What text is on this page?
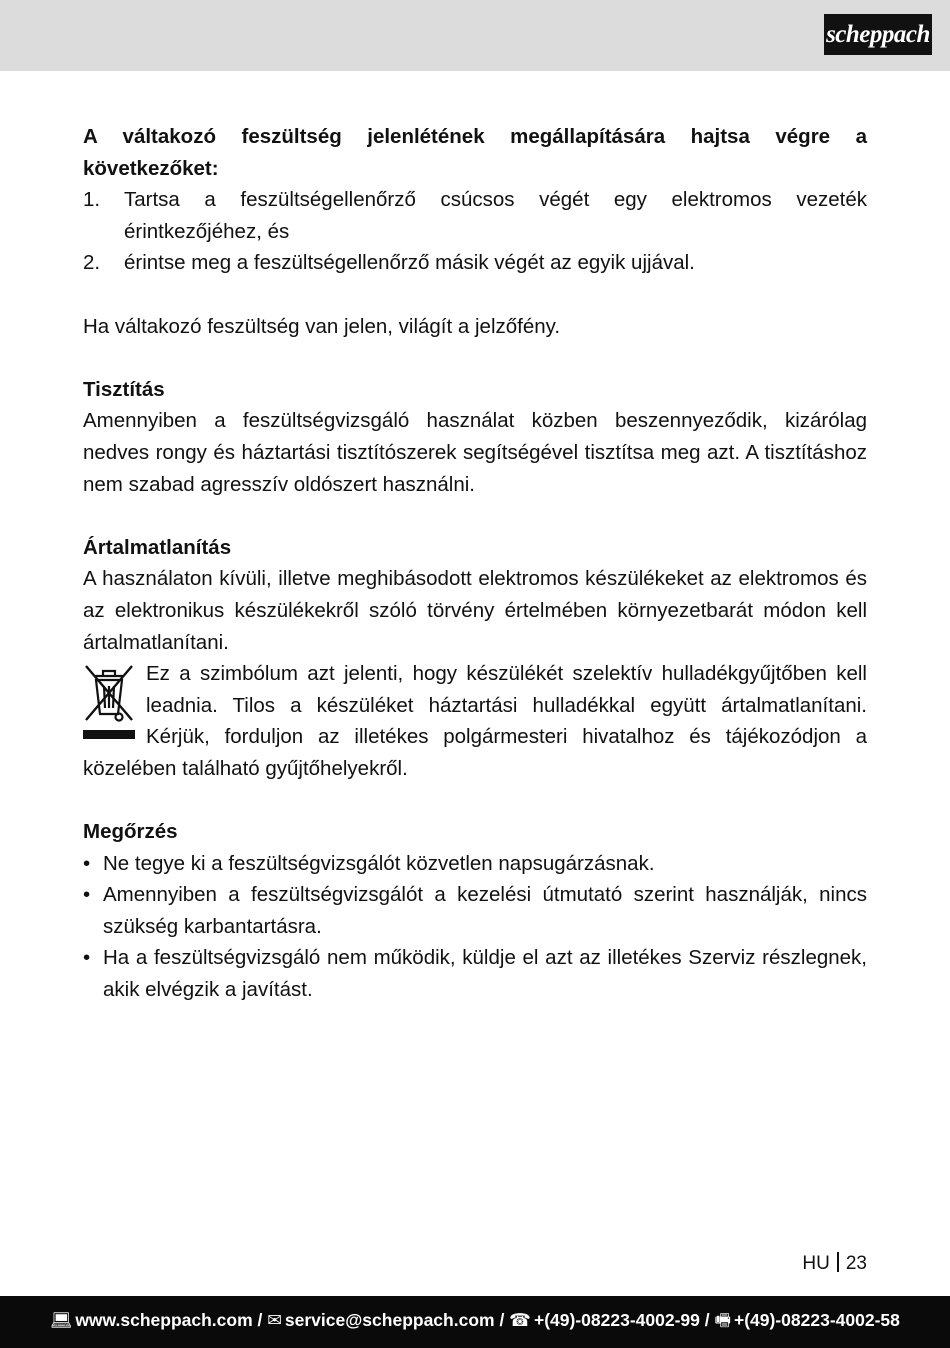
scheppach

A váltakozó feszültség jelenlétének megállapítására hajtsa végre a következőket:

1.	Tartsa a feszültségellenőrző csúcsos végét egy elektromos vezeték érintkezőjéhez, és
2.	érintse meg a feszültségellenőrző másik végét az egyik ujjával.

Ha váltakozó feszültség van jelen, világít a jelzőfény.

Tisztítás

Amennyiben a feszültségvizsgáló használat közben beszennyeződik, kizárólag nedves rongy és háztartási tisztítószerek segítségével tisztítsa meg azt. A tisztításhoz nem szabad agresszív oldószert használni.

Ártalmatlanítás

A használaton kívüli, illetve meghibásodott elektromos készülékeket az elektromos és az elektronikus készülékekről szóló törvény értelmében környezetbarát módon kell ártalmatlanítani.

Ez a szimbólum azt jelenti, hogy készülékét szelektív hulladékgyűjtőben kell leadnia. Tilos a készüléket háztartási hulladékkal együtt ártalmatlanítani. Kérjük, forduljon az illetékes polgármesteri hivatalhoz és tájékozódjon a közelében található gyűjtőhelyekről.

Megőrzés

• Ne tegye ki a feszültségvizsgálót közvetlen napsugárzásnak.
• Amennyiben a feszültségvizsgálót a kezelési útmutató szerint használják, nincs szükség karbantartásra.
• Ha a feszültségvizsgáló nem működik, küldje el azt az illetékes Szerviz részlegnek, akik elvégzik a javítást.
HU 23
💻︎ www.scheppach.com / ✉︎ service@scheppach.com / ☎︎ +(49)-08223-4002-99 / 🖷︎ +(49)-08223-4002-58
